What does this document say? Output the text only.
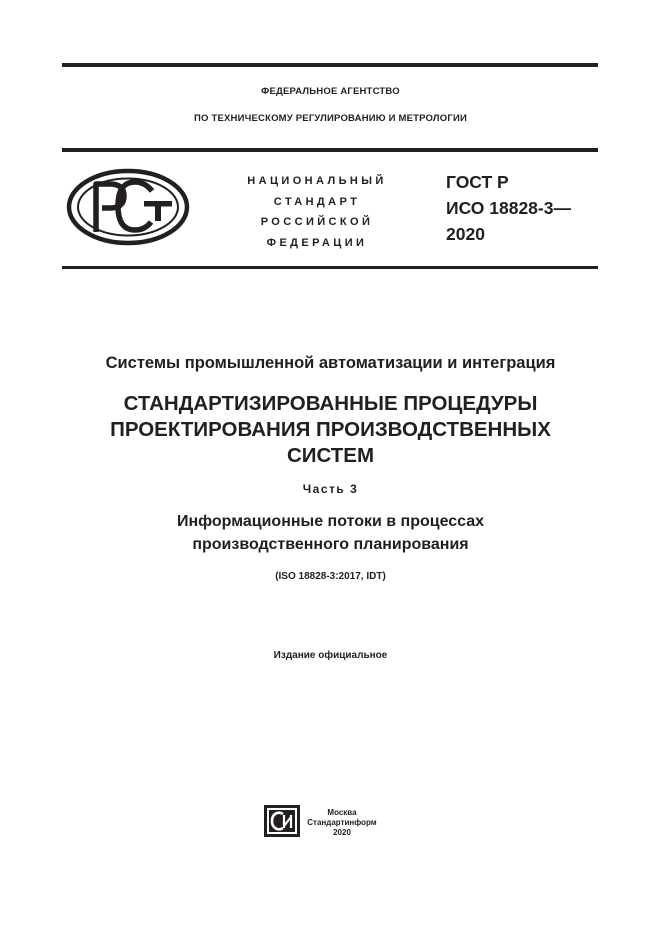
ФЕДЕРАЛЬНОЕ АГЕНТСТВО
ПО ТЕХНИЧЕСКОМУ РЕГУЛИРОВАНИЮ И МЕТРОЛОГИИ
НАЦИОНАЛЬНЫЙ
СТАНДАРТ
РОССИЙСКОЙ
ФЕДЕРАЦИИ
ГОСТ Р
ИСО 18828-3—
2020
Системы промышленной автоматизации и интеграция
СТАНДАРТИЗИРОВАННЫЕ ПРОЦЕДУРЫ
ПРОЕКТИРОВАНИЯ ПРОИЗВОДСТВЕННЫХ
СИСТЕМ
Часть 3
Информационные потоки в процессах
производственного планирования
(ISO 18828-3:2017, IDT)
Издание официальное
Москва
Стандартинформ
2020
